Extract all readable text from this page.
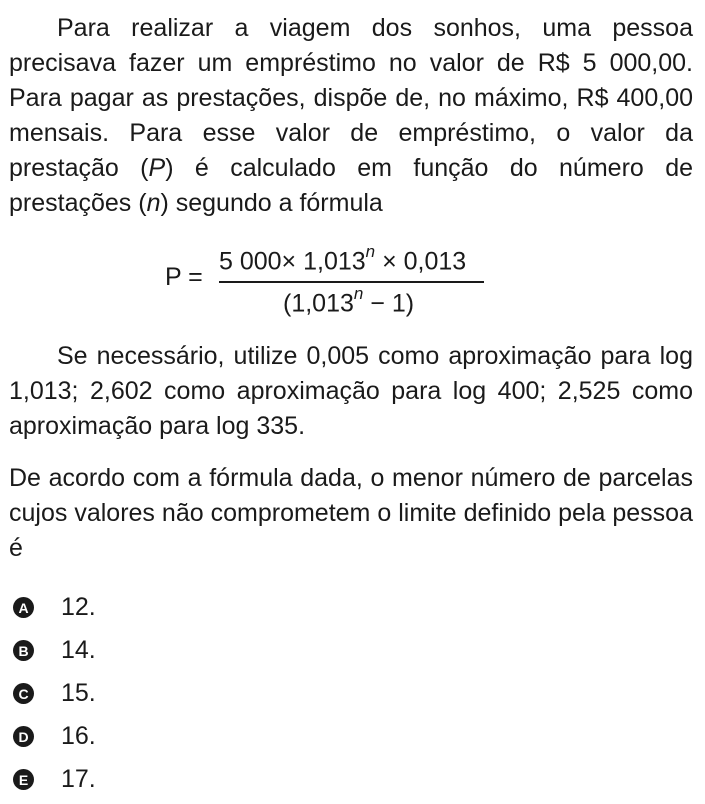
Para realizar a viagem dos sonhos, uma pessoa precisava fazer um empréstimo no valor de R$ 5 000,00. Para pagar as prestações, dispõe de, no máximo, R$ 400,00 mensais. Para esse valor de empréstimo, o valor da prestação (P) é calculado em função do número de prestações (n) segundo a fórmula

P =
5 $000\times 1,013^n \times 0,013$
$(1,013^n - 1)$

Se necessário, utilize 0,005 como aproximação para log 1,013; 2,602 como aproximação para log 400; 2,525 como aproximação para log 335.

De acordo com a fórmula dada, o menor número de parcelas cujos valores não comprometem o limite definido pela pessoa é

A 12.
B 14.
C 15.
D 16.
E 17.
